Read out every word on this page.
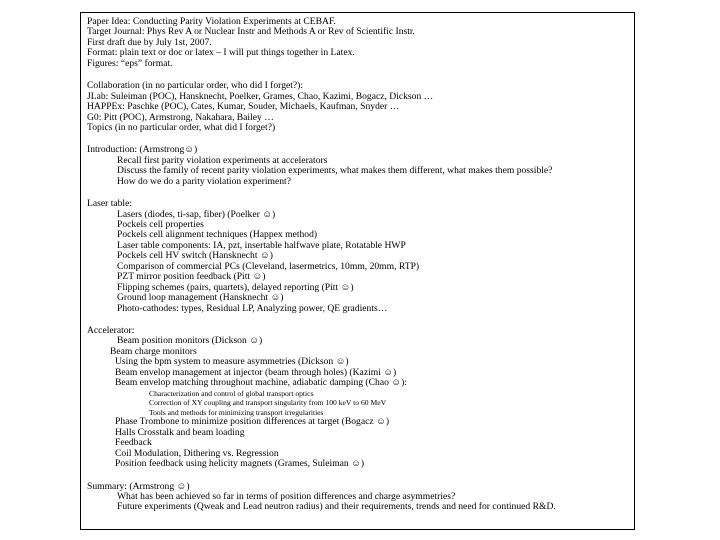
Paper Idea: Conducting Parity Violation Experiments at CEBAF.
Target Journal: Phys Rev A or Nuclear Instr and Methods A or Rev of Scientific Instr.
First draft due by July 1st, 2007.
Format: plain text or doc or latex – I will put things together in Latex.
Figures: “eps” format.
Collaboration (in no particular order, who did I forget?):
JLab: Suleiman (POC), Hansknecht, Poelker, Grames, Chao, Kazimi, Bogacz, Dickson …
HAPPEx: Paschke (POC), Cates, Kumar, Souder, Michaels, Kaufman, Snyder …
G0: Pitt (POC), Armstrong, Nakahara, Bailey …
Topics (in no particular order, what did I forget?)
Introduction: (Armstrong☺)
Recall first parity violation experiments at accelerators
Discuss the family of recent parity violation experiments, what makes them different, what makes them possible?
How do we do a parity violation experiment?
Laser table:
Lasers (diodes, ti-sap, fiber) (Poelker ☺)
Pockels cell properties
Pockels cell alignment techniques (Happex method)
Laser table components: IA, pzt, insertable halfwave plate, Rotatable HWP
Pockels cell HV switch (Hansknecht ☺)
Comparison of commercial PCs (Cleveland, lasermetrics, 10mm, 20mm, RTP)
PZT mirror position feedback (Pitt ☺)
Flipping schemes (pairs, quartets), delayed reporting (Pitt ☺)
Ground loop management (Hansknecht ☺)
Photo-cathodes: types, Residual LP, Analyzing power, QE gradients…
Accelerator:
Beam position monitors (Dickson ☺)
Beam charge monitors
Using the bpm system to measure asymmetries (Dickson ☺)
Beam envelop management at injector (beam through holes) (Kazimi ☺)
Beam envelop matching throughout machine, adiabatic damping (Chao ☺):
Characterization and control of global transport optics
Correction of XY coupling and transport singularity from 100 keV to 60 MeV
Tools and methods for minimizing transport irregularities
Phase Trombone to minimize position differences at target (Bogacz ☺)
Halls Crosstalk and beam loading
Feedback
Coil Modulation, Dithering vs. Regression
Position feedback using helicity magnets (Grames, Suleiman ☺)
Summary: (Armstrong ☺)
What has been achieved so far in terms of position differences and charge asymmetries?
Future experiments (Qweak and Lead neutron radius) and their requirements, trends and need for continued R&D.
